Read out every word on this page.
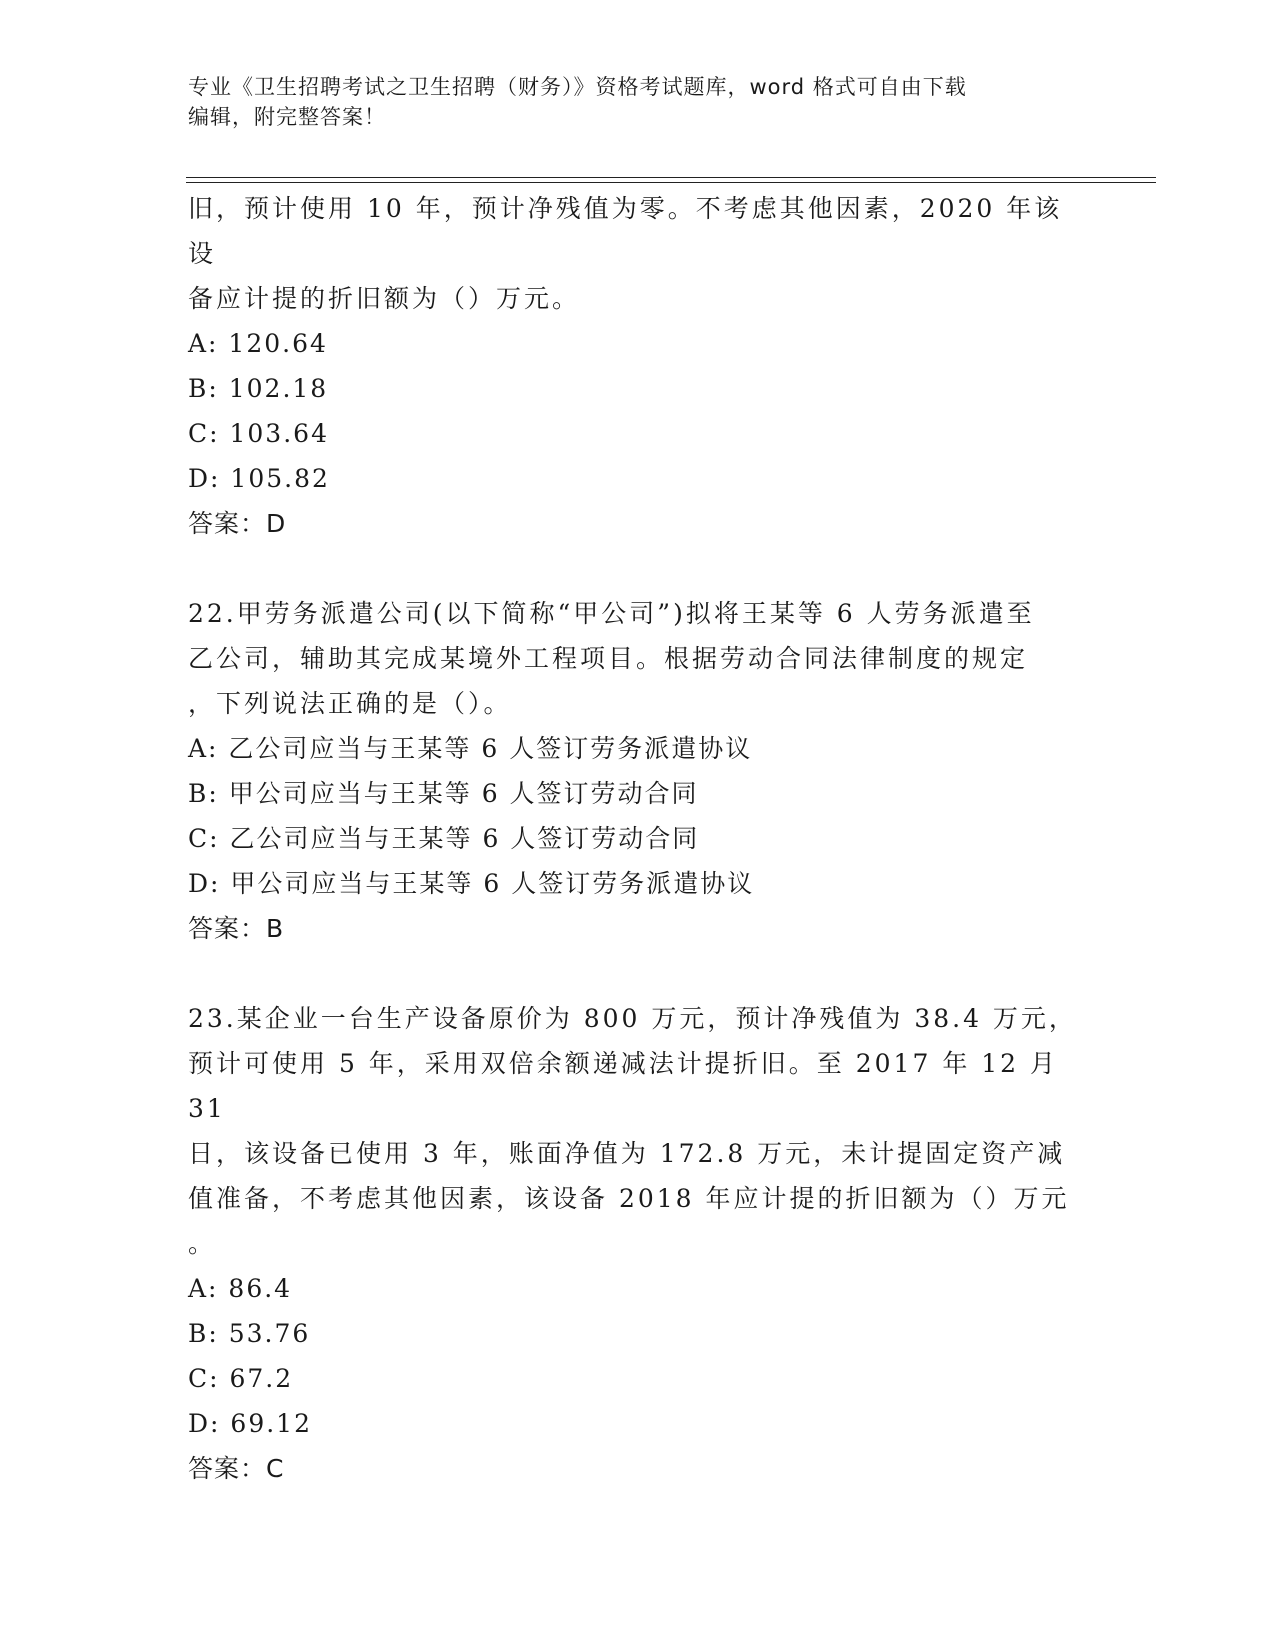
专业《卫生招聘考试之卫生招聘（财务）》资格考试题库，word 格式可自由下载
编辑，附完整答案！

旧，预计使用 10 年，预计净残值为零。不考虑其他因素，2020 年该设

备应计提的折旧额为（）万元。

A: 120.64

B: 102.18

C: 103.64

D: 105.82

答案：D

22.甲劳务派遣公司(以下简称“甲公司”)拟将王某等 6 人劳务派遣至

乙公司，辅助其完成某境外工程项目。根据劳动合同法律制度的规定

，下列说法正确的是（）。

A: 乙公司应当与王某等 6 人签订劳务派遣协议

B: 甲公司应当与王某等 6 人签订劳动合同

C: 乙公司应当与王某等 6 人签订劳动合同

D: 甲公司应当与王某等 6 人签订劳务派遣协议

答案：B

23.某企业一台生产设备原价为 800 万元，预计净残值为 38.4 万元，

预计可使用 5 年，采用双倍余额递减法计提折旧。至 2017 年 12 月 31

日，该设备已使用 3 年，账面净值为 172.8 万元，未计提固定资产减

值准备，不考虑其他因素，该设备 2018 年应计提的折旧额为（）万元

。

A: 86.4

B: 53.76

C: 67.2

D: 69.12

答案：C
